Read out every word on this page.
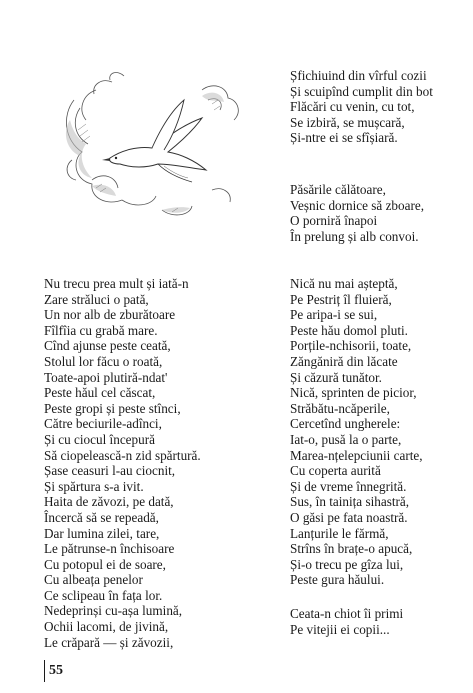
Șfichiuind din vîrful cozii
Și scuipînd cumplit din bot
Flăcări cu venin, cu tot,
Se izbiră, se mușcară,
Și-ntre ei se sfîșiară.
Păsările călătoare,
Veșnic dornice să zboare,
O porniră înapoi
În prelung și alb convoi.
Nu trecu prea mult și iată-n
Zare străluci o pată,
Un nor alb de zburătoare
Fîlfîia cu grabă mare.
Cînd ajunse peste ceată,
Stolul lor făcu o roată,
Toate-apoi plutiră-ndat'
Peste hăul cel căscat,
Peste gropi și peste stînci,
Către beciurile-adînci,
Și cu ciocul începură
Să ciopelească-n zid spărtură.
Șase ceasuri l-au ciocnit,
Și spărtura s-a ivit.
Haita de zăvozi, pe dată,
Încercă să se repeadă,
Dar lumina zilei, tare,
Le pătrunse-n închisoare
Cu potopul ei de soare,
Cu albeața penelor
Ce sclipeau în fața lor.
Nedeprinși cu-așa lumină,
Ochii lacomi, de jivină,
Le crăpară — și zăvozii,
Nică nu mai așteptă,
Pe Pestriț îl fluieră,
Pe aripa-i se sui,
Peste hău domol pluti.
Porțile-nchisorii, toate,
Zăngăniră din lăcate
Și căzură tunător.
Nică, sprinten de picior,
Străbătu-ncăperile,
Cercetînd ungherele:
Iat-o, pusă la o parte,
Marea-nțelepciunii carte,
Cu coperta aurită
Și de vreme înnegrită.
Sus, în tainița sihastră,
O găsi pe fata noastră.
Lanțurile le fărmă,
Strîns în brațe-o apucă,
Și-o trecu pe gîza lui,
Peste gura hăului.
Ceata-n chiot îi primi
Pe vitejii ei copii...
55
